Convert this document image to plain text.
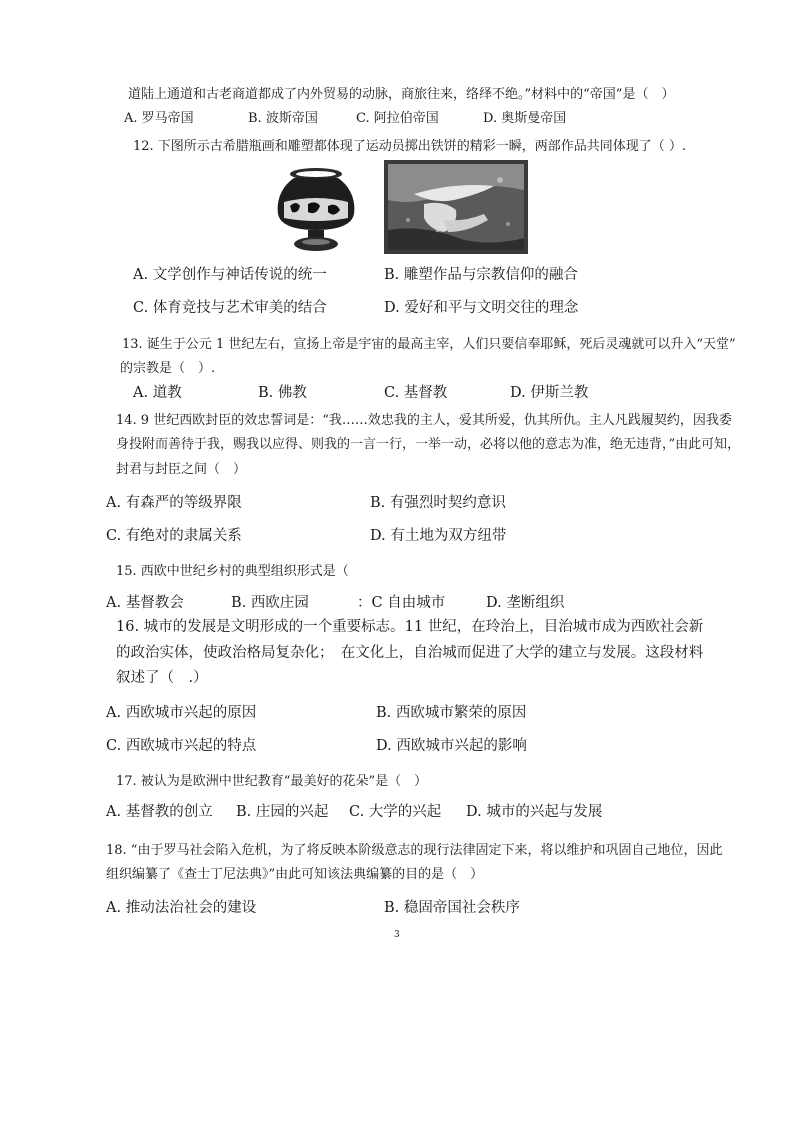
道陆上通道和古老商道都成了内外贸易的动脉，商旅往来，络绎不绝。”材料中的“帝国”是（　）
A. 罗马帝国	B. 波斯帝国	C. 阿拉伯帝国	D. 奥斯曼帝国
12. 下图所示古希腊瓶画和雕塑都体现了运动员掷出铁饼的精彩一瞬，两部作品共同体现了（ ）.
A. 文学创作与神话传说的统一	B. 雕塑作品与宗教信仰的融合
C. 体育竞技与艺术审美的结合	D. 爱好和平与文明交往的理念
13. 诞生于公元 1 世纪左右，宣扬上帝是宇宙的最高主宰，人们只要信奉耶稣，死后灵魂就可以升入“天堂”
的宗教是（　）.
A. 道教	B. 佛教	C. 基督教	D. 伊斯兰教
14. 9 世纪西欧封臣的效忠誓词是：“我……效忠我的主人，爱其所爱，仇其所仇。主人凡践履契约，因我委
身投附而善待于我，赐我以应得、则我的一言一行，一举一动，必将以他的意志为准，绝无违背，”由此可知，
封君与封臣之间（　）
A. 有森严的等级界限	B. 有强烈时契约意识
C. 有绝对的隶属关系	D. 有土地为双方纽带
15. 西欧中世纪乡村的典型组织形式是（
A. 基督教会	B. 西欧庄园	：C 自由城市	D. 垄断组织
16. 城市的发展是文明形成的一个重要标志。11 世纪，在玲治上，目治城市成为西欧社会新
的政治实体，使政治格局复杂化；　在文化上，自治城而促进了大学的建立与发展。这段材料
叙述了（　.）
A. 西欧城市兴起的原因	B. 西欧城市繁荣的原因
C. 西欧城市兴起的特点	D. 西欧城市兴起的影响
17. 被认为是欧洲中世纪教育“最美好的花朵”是（　）
A. 基督教的创立 B. 庄园的兴起 C. 大学的兴起 D. 城市的兴起与发展
18. “由于罗马社会陷入危机，为了将反映本阶级意志的现行法律固定下来，将以维护和巩固自己地位，因此
组织编纂了《查士丁尼法典》”由此可知该法典编纂的目的是（　）
A. 推动法治社会的建设	B. 稳固帝国社会秩序
3
